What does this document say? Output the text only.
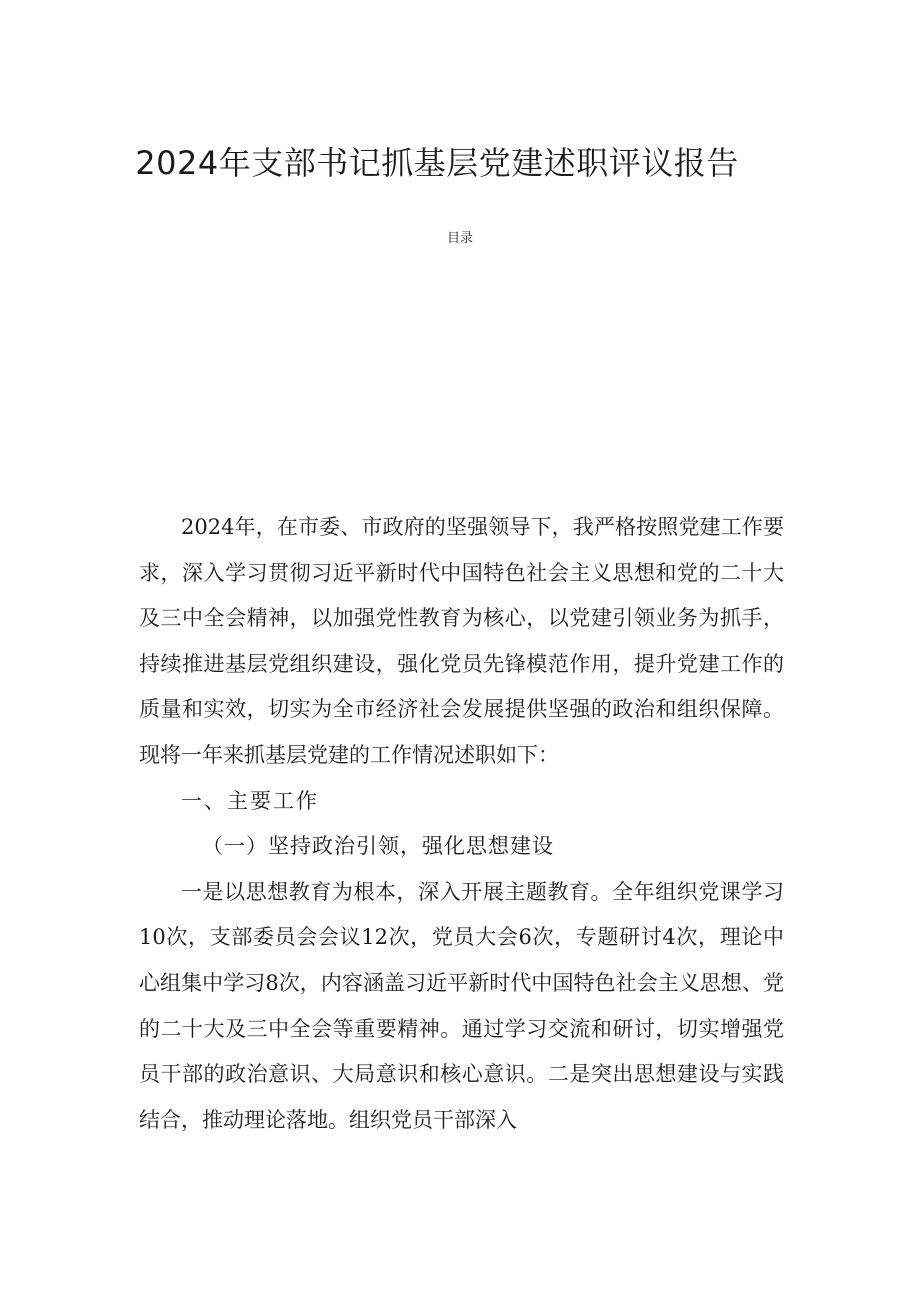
2024年支部书记抓基层党建述职评议报告
目录

2024年，在市委、市政府的坚强领导下，我严格按照党建工作要求，深入学习贯彻习近平新时代中国特色社会主义思想和党的二十大及三中全会精神，以加强党性教育为核心，以党建引领业务为抓手，持续推进基层党组织建设，强化党员先锋模范作用，提升党建工作的质量和实效，切实为全市经济社会发展提供坚强的政治和组织保障。现将一年来抓基层党建的工作情况述职如下：

一、主要工作

（一）坚持政治引领，强化思想建设

一是以思想教育为根本，深入开展主题教育。全年组织党课学习10次，支部委员会会议12次，党员大会6次，专题研讨4次，理论中心组集中学习8次，内容涵盖习近平新时代中国特色社会主义思想、党的二十大及三中全会等重要精神。通过学习交流和研讨，切实增强党员干部的政治意识、大局意识和核心意识。二是突出思想建设与实践结合，推动理论落地。组织党员干部深入
